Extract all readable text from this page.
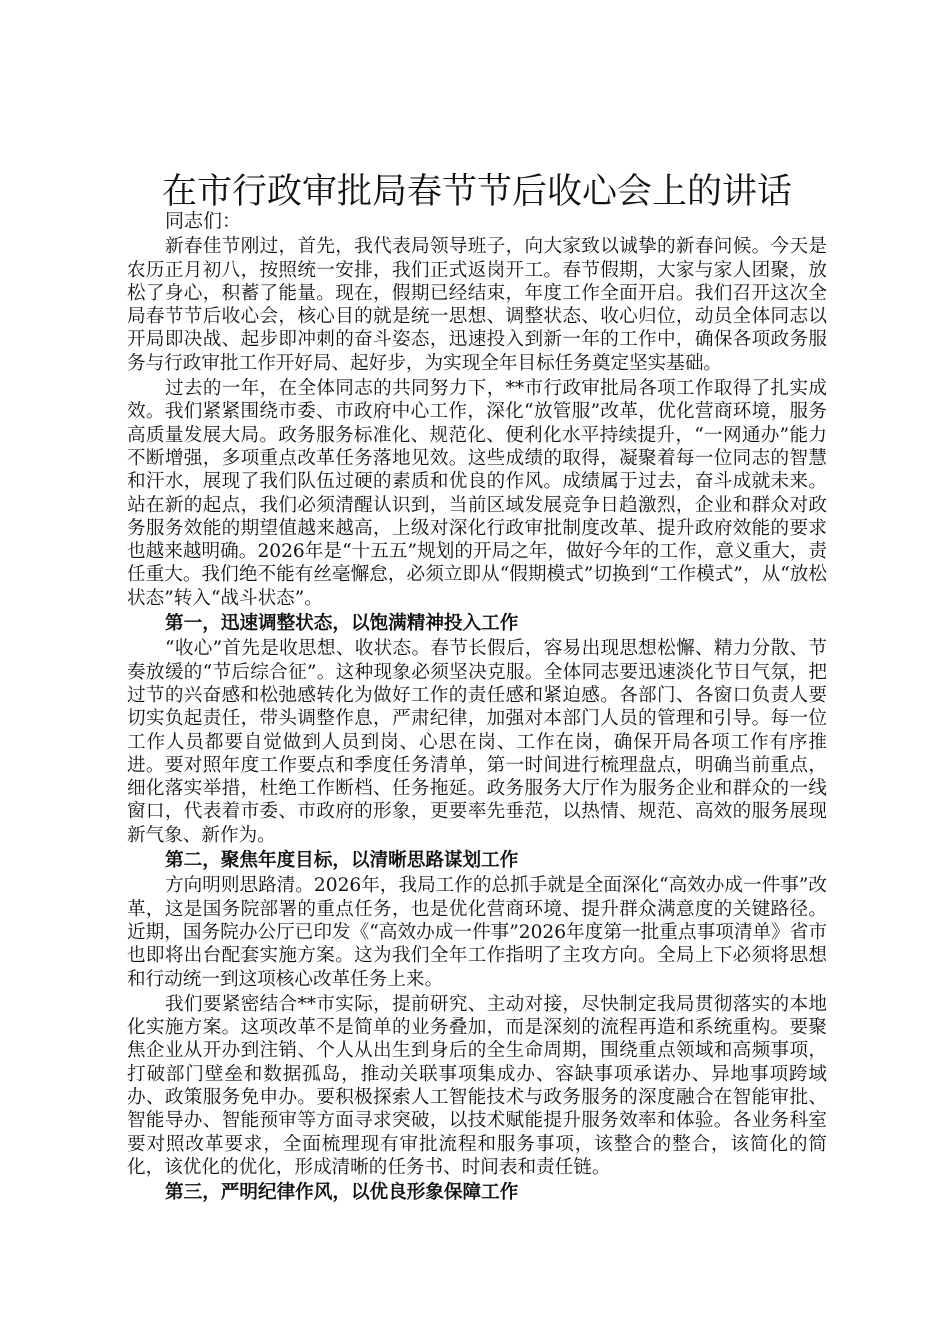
在市行政审批局春节节后收心会上的讲话

同志们：

新春佳节刚过，首先，我代表局领导班子，向大家致以诚挚的新春问候。今天是农历正月初八，按照统一安排，我们正式返岗开工。春节假期，大家与家人团聚，放松了身心，积蓄了能量。现在，假期已经结束，年度工作全面开启。我们召开这次全局春节节后收心会，核心目的就是统一思想、调整状态、收心归位，动员全体同志以开局即决战、起步即冲刺的奋斗姿态，迅速投入到新一年的工作中，确保各项政务服务与行政审批工作开好局、起好步，为实现全年目标任务奠定坚实基础。

过去的一年，在全体同志的共同努力下，**市行政审批局各项工作取得了扎实成效。我们紧紧围绕市委、市政府中心工作，深化“放管服”改革，优化营商环境，服务高质量发展大局。政务服务标准化、规范化、便利化水平持续提升，“一网通办”能力不断增强，多项重点改革任务落地见效。这些成绩的取得，凝聚着每一位同志的智慧和汗水，展现了我们队伍过硬的素质和优良的作风。成绩属于过去，奋斗成就未来。站在新的起点，我们必须清醒认识到，当前区域发展竞争日趋激烈，企业和群众对政务服务效能的期望值越来越高，上级对深化行政审批制度改革、提升政府效能的要求也越来越明确。2026年是“十五五”规划的开局之年，做好今年的工作，意义重大，责任重大。我们绝不能有丝毫懈怠，必须立即从“假期模式”切换到“工作模式”，从“放松状态”转入“战斗状态”。

第一，迅速调整状态，以饱满精神投入工作

“收心”首先是收思想、收状态。春节长假后，容易出现思想松懈、精力分散、节奏放缓的“节后综合征”。这种现象必须坚决克服。全体同志要迅速淡化节日气氛，把过节的兴奋感和松弛感转化为做好工作的责任感和紧迫感。各部门、各窗口负责人要切实负起责任，带头调整作息，严肃纪律，加强对本部门人员的管理和引导。每一位工作人员都要自觉做到人员到岗、心思在岗、工作在岗，确保开局各项工作有序推进。要对照年度工作要点和季度任务清单，第一时间进行梳理盘点，明确当前重点，细化落实举措，杜绝工作断档、任务拖延。政务服务大厅作为服务企业和群众的一线窗口，代表着市委、市政府的形象，更要率先垂范，以热情、规范、高效的服务展现新气象、新作为。

第二，聚焦年度目标，以清晰思路谋划工作

方向明则思路清。2026年，我局工作的总抓手就是全面深化“高效办成一件事”改革，这是国务院部署的重点任务，也是优化营商环境、提升群众满意度的关键路径。近期，国务院办公厅已印发《“高效办成一件事”2026年度第一批重点事项清单》省市也即将出台配套实施方案。这为我们全年工作指明了主攻方向。全局上下必须将思想和行动统一到这项核心改革任务上来。

我们要紧密结合**市实际，提前研究、主动对接，尽快制定我局贯彻落实的本地化实施方案。这项改革不是简单的业务叠加，而是深刻的流程再造和系统重构。要聚焦企业从开办到注销、个人从出生到身后的全生命周期，围绕重点领域和高频事项，打破部门壁垒和数据孤岛，推动关联事项集成办、容缺事项承诺办、异地事项跨域办、政策服务免申办。要积极探索人工智能技术与政务服务的深度融合在智能审批、智能导办、智能预审等方面寻求突破，以技术赋能提升服务效率和体验。各业务科室要对照改革要求，全面梳理现有审批流程和服务事项，该整合的整合，该简化的简化，该优化的优化，形成清晰的任务书、时间表和责任链。

第三，严明纪律作风，以优良形象保障工作
